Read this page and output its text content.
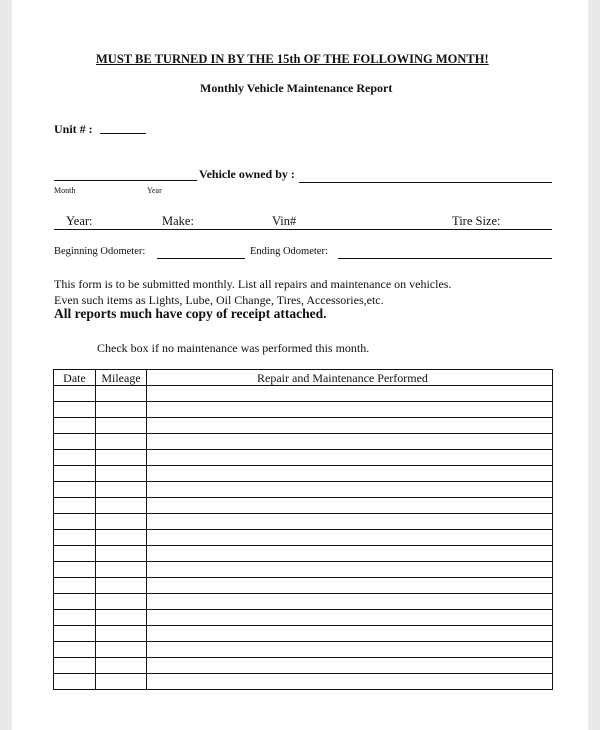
MUST BE TURNED IN BY THE 15th OF THE FOLLOWING MONTH!
Monthly Vehicle Maintenance Report
Unit # :
Vehicle owned by :
Month	Year
Year:	Make:	Vin#	Tire Size:
Beginning Odometer:	Ending Odometer:
This form is to be submitted monthly. List all repairs and maintenance on vehicles.
Even such items as Lights, Lube, Oil Change, Tires, Accessories,etc.
All reports much have copy of receipt attached.
Check box if no maintenance was performed this month.
Date	Mileage	Repair and Maintenance Performed
